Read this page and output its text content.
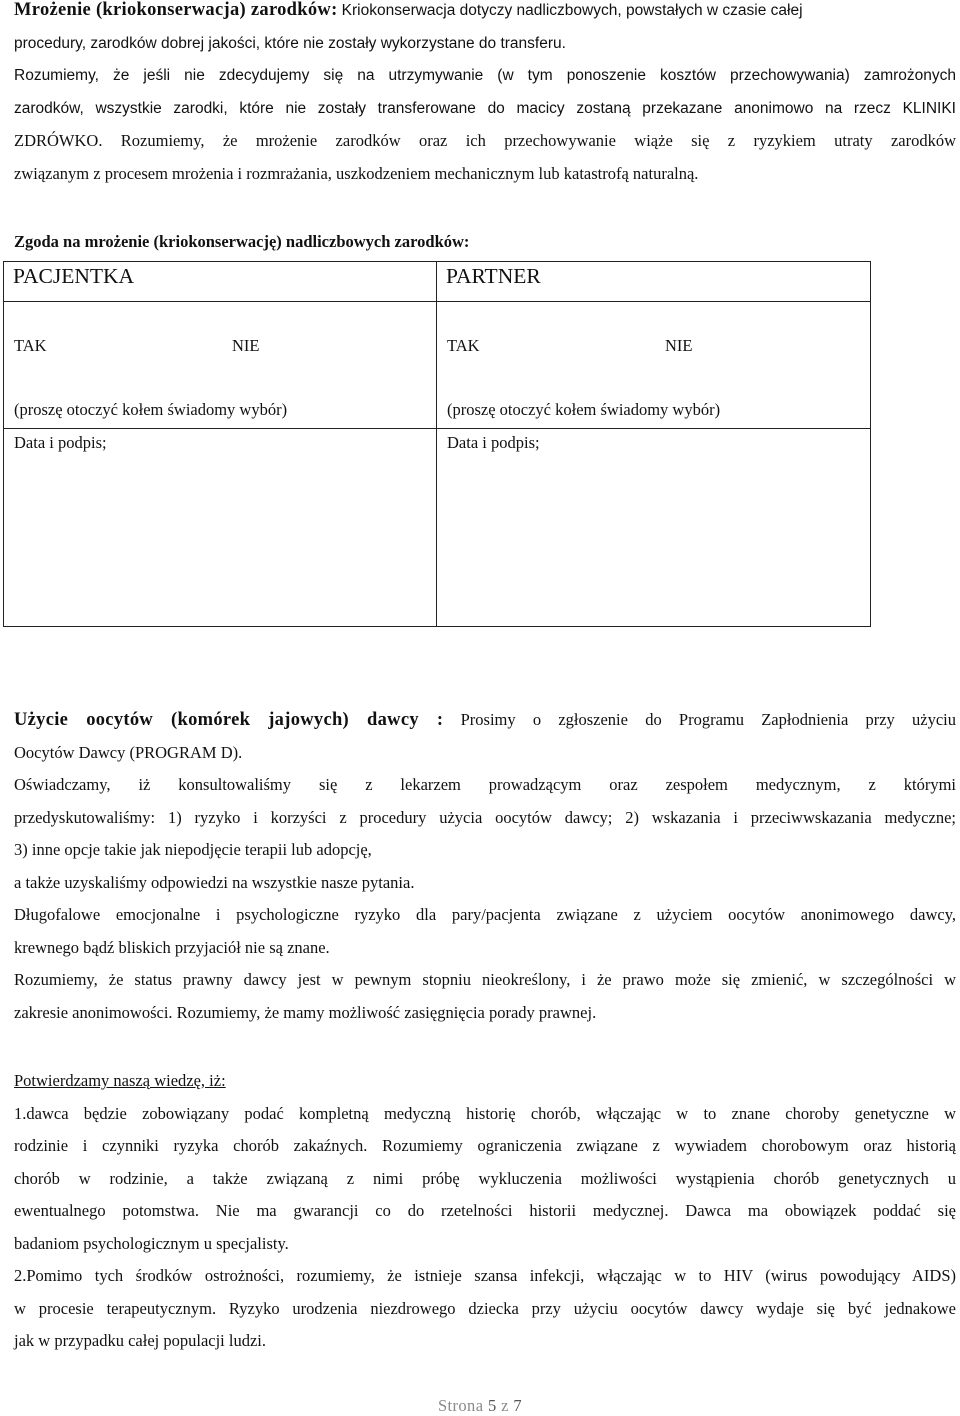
Mrożenie (kriokonserwacja) zarodków: Kriokonserwacja dotyczy nadliczbowych, powstałych w czasie całej
procedury, zarodków dobrej jakości, które nie zostały wykorzystane do transferu.
Rozumiemy, że jeśli nie zdecydujemy się na utrzymywanie (w tym ponoszenie kosztów przechowywania) zamrożonych
zarodków, wszystkie zarodki, które nie zostały transferowane do macicy zostaną przekazane anonimowo na rzecz KLINIKI
ZDRÓWKO. Rozumiemy, że mrożenie zarodków oraz ich przechowywanie wiąże się z ryzykiem utraty zarodków
związanym z procesem mrożenia i rozmrażania, uszkodzeniem mechanicznym lub katastrofą naturalną.
Zgoda na mrożenie (kriokonserwację) nadliczbowych zarodków:
PACJENTKA
TAK	NIE
(proszę otoczyć kołem świadomy wybór)
Data i podpis;
PARTNER
TAK	NIE
(proszę otoczyć kołem świadomy wybór)
Data i podpis;
Użycie oocytów (komórek jajowych) dawcy : Prosimy o zgłoszenie do Programu Zapłodnienia przy użyciu
Oocytów Dawcy (PROGRAM D).
Oświadczamy, iż konsultowaliśmy się z lekarzem prowadzącym oraz zespołem medycznym, z którymi
przedyskutowaliśmy: 1) ryzyko i korzyści z procedury użycia oocytów dawcy; 2) wskazania i przeciwwskazania medyczne;
3) inne opcje takie jak niepodjęcie terapii lub adopcję,
a także uzyskaliśmy odpowiedzi na wszystkie nasze pytania.
Długofalowe emocjonalne i psychologiczne ryzyko dla pary/pacjenta związane z użyciem oocytów anonimowego dawcy,
krewnego bądź bliskich przyjaciół nie są znane.
Rozumiemy, że status prawny dawcy jest w pewnym stopniu nieokreślony, i że prawo może się zmienić, w szczególności w
zakresie anonimowości. Rozumiemy, że mamy możliwość zasięgnięcia porady prawnej.
Potwierdzamy naszą wiedzę, iż:
1.dawca będzie zobowiązany podać kompletną medyczną historię chorób, włączając w to znane choroby genetyczne w
rodzinie i czynniki ryzyka chorób zakaźnych. Rozumiemy ograniczenia związane z wywiadem chorobowym oraz historią
chorób w rodzinie, a także związaną z nimi próbę wykluczenia możliwości wystąpienia chorób genetycznych u
ewentualnego potomstwa. Nie ma gwarancji co do rzetelności historii medycznej. Dawca ma obowiązek poddać się
badaniom psychologicznym u specjalisty.
2.Pomimo tych środków ostrożności, rozumiemy, że istnieje szansa infekcji, włączając w to HIV (wirus powodujący AIDS)
w procesie terapeutycznym. Ryzyko urodzenia niezdrowego dziecka przy użyciu oocytów dawcy wydaje się być jednakowe
jak w przypadku całej populacji ludzi.
Strona 5 z 7
